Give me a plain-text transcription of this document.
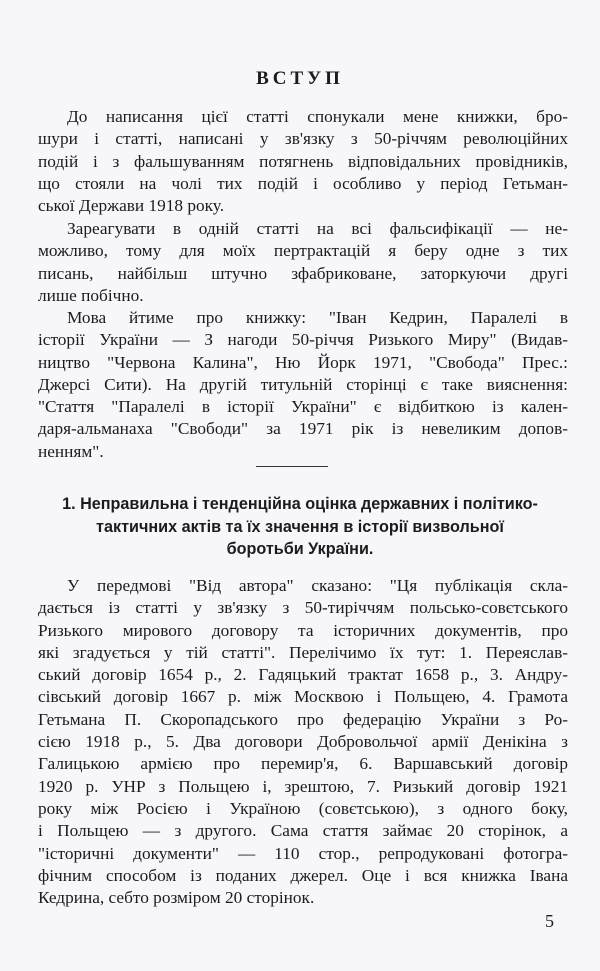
ВСТУП
До написання цієї статті спонукали мене книжки, бро-
шури і статті, написані у зв'язку з 50-річчям революційних
подій і з фальшуванням потягнень відповідальних провідників,
що стояли на чолі тих подій і особливо у період Гетьман-
ської Держави 1918 року.
Зареагувати в одній статті на всі фальсифікації — не-
можливо, тому для моїх пертрактацій я беру одне з тих
писань, найбільш штучно зфабриковане, заторкуючи другі
лише побічно.
Мова йтиме про книжку: "Іван Кедрин, Паралелі в
історії України — З нагоди 50-річчя Ризького Миру" (Видав-
ництво "Червона Калина", Ню Йорк 1971, "Свобода" Прес.:
Джерсі Сити). На другій титульній сторінці є таке вияснення:
"Стаття "Паралелі в історії України" є відбиткою із кален-
даря-альманаха "Свободи" за 1971 рік із невеликим допов-
ненням".
1. Неправильна і тенденційна оцінка державних і політико-
тактичних актів та їх значення в історії визвольної
боротьби України.
У передмові "Від автора" сказано: "Ця публікація скла-
дається із статті у зв'язку з 50-тиріччям польсько-совєтського
Ризького мирового договору та історичних документів, про
які згадується у тій статті". Перелічимо їх тут: 1. Переяслав-
ський договір 1654 р., 2. Гадяцький трактат 1658 р., 3. Андру-
сівський договір 1667 р. між Москвою і Польщею, 4. Грамота
Гетьмана П. Скоропадського про федерацію України з Ро-
сією 1918 р., 5. Два договори Добровольчої армії Денікіна з
Галицькою армією про перемир'я, 6. Варшавський договір
1920 р. УНР з Польщею і, зрештою, 7. Ризький договір 1921
року між Росією і Україною (совєтською), з одного боку,
і Польщею — з другого. Сама стаття займає 20 сторінок, а
"історичні документи" — 110 стор., репродуковані фотогра-
фічним способом із поданих джерел. Оце і вся книжка Івана
Кедрина, себто розміром 20 сторінок.
5
